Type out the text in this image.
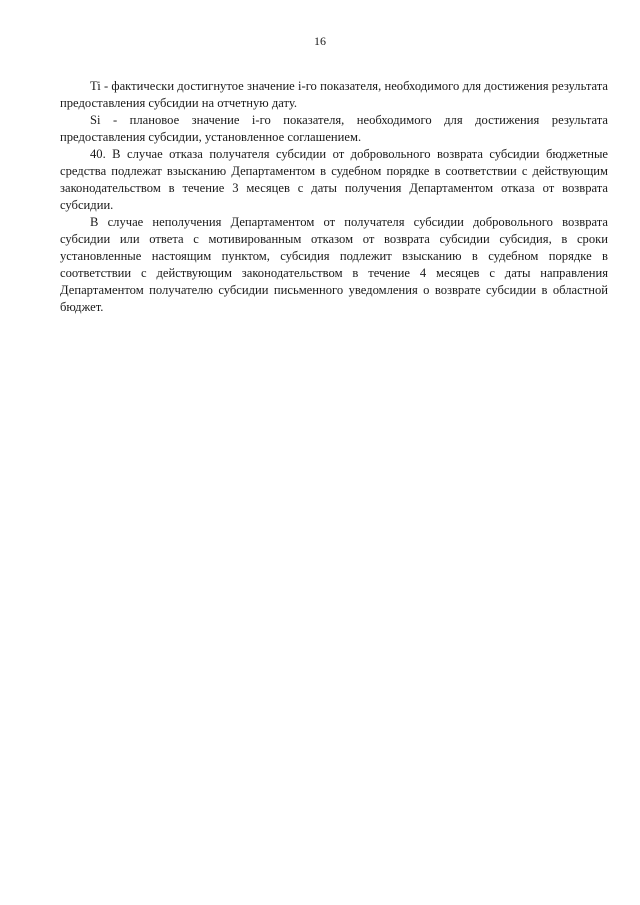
16

Ti - фактически достигнутое значение i-го показателя, необходимого для достижения результата предоставления субсидии на отчетную дату.

Si - плановое значение i-го показателя, необходимого для достижения результата предоставления субсидии, установленное соглашением.

40. В случае отказа получателя субсидии от добровольного возврата субсидии бюджетные средства подлежат взысканию Департаментом в судебном порядке в соответствии с действующим законодательством в течение 3 месяцев с даты получения Департаментом отказа от возврата субсидии.

В случае неполучения Департаментом от получателя субсидии добровольного возврата субсидии или ответа с мотивированным отказом от возврата субсидии субсидия, в сроки установленные настоящим пунктом, субсидия подлежит взысканию в судебном порядке в соответствии с действующим законодательством в течение 4 месяцев с даты направления Департаментом получателю субсидии письменного уведомления о возврате субсидии в областной бюджет.
